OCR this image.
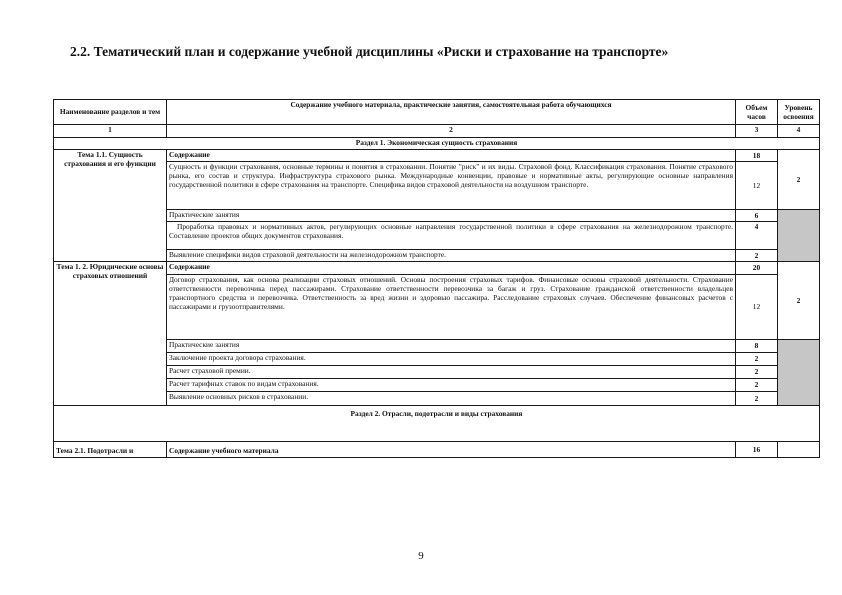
2.2. Тематический план и содержание учебной дисциплины «Риски и страхование на транспорте»
Наименование разделов и тем	Содержание учебного материала, практические занятия, самостоятельная работа обучающихся	Объем часов	Уровень освоения
1	2	3	4
Раздел 1. Экономическая сущность страхования			
Тема 1.1. Сущность страхования и его функции	Содержание	18	2
	Сущность и функции страхования, основные термины и понятия в страховании. Понятие "риск" и их виды. Страховой фонд. Классификация страхования. Понятие страхового рынка, его состав и структура. Инфраструктура страхового рынка. Международные конвенции, правовые и нормативные акты, регулирующие основные направления государственной политики в сфере страхования на транспорте. Специфика видов страховой деятельности на воздушном транспорте.	12	
	Практические занятия	6	
	Проработка правовых и нормативных актов, регулирующих основные направления государственной политики в сфере страхования на железнодорожном транспорте. Составление проектов общих документов страхования.	4	
	Выявление специфики видов страховой деятельности на железнодорожном транспорте.	2	
Тема 1. 2. Юридические основы страховых отношений	Содержание	20	2
	Договор страхования, как основа реализации страховых отношений. Основы построения страховых тарифов. Финансовые основы страховой деятельности. Страхование ответственности перевозчика перед пассажирами. Страхование ответственности перевозчика за багаж и груз. Страхование гражданской ответственности владельцев транспортного средства и перевозчика. Ответственность за вред жизни и здоровью пассажира. Расследование страховых случаев. Обеспечение финансовых расчетов с пассажирами и грузоотправителями.	12	
	Практические занятия	8	
	Заключение проекта договора страхования.	2	
	Расчет страховой премии.	2	
	Расчет тарифных ставок по видам страхования.	2	
	Выявление основных рисков в страховании.	2	
Раздел 2. Отрасли, подотрасли и виды страхования			
Тема 2.1. Подотрасли и	Содержание учебного материала	16	
9
